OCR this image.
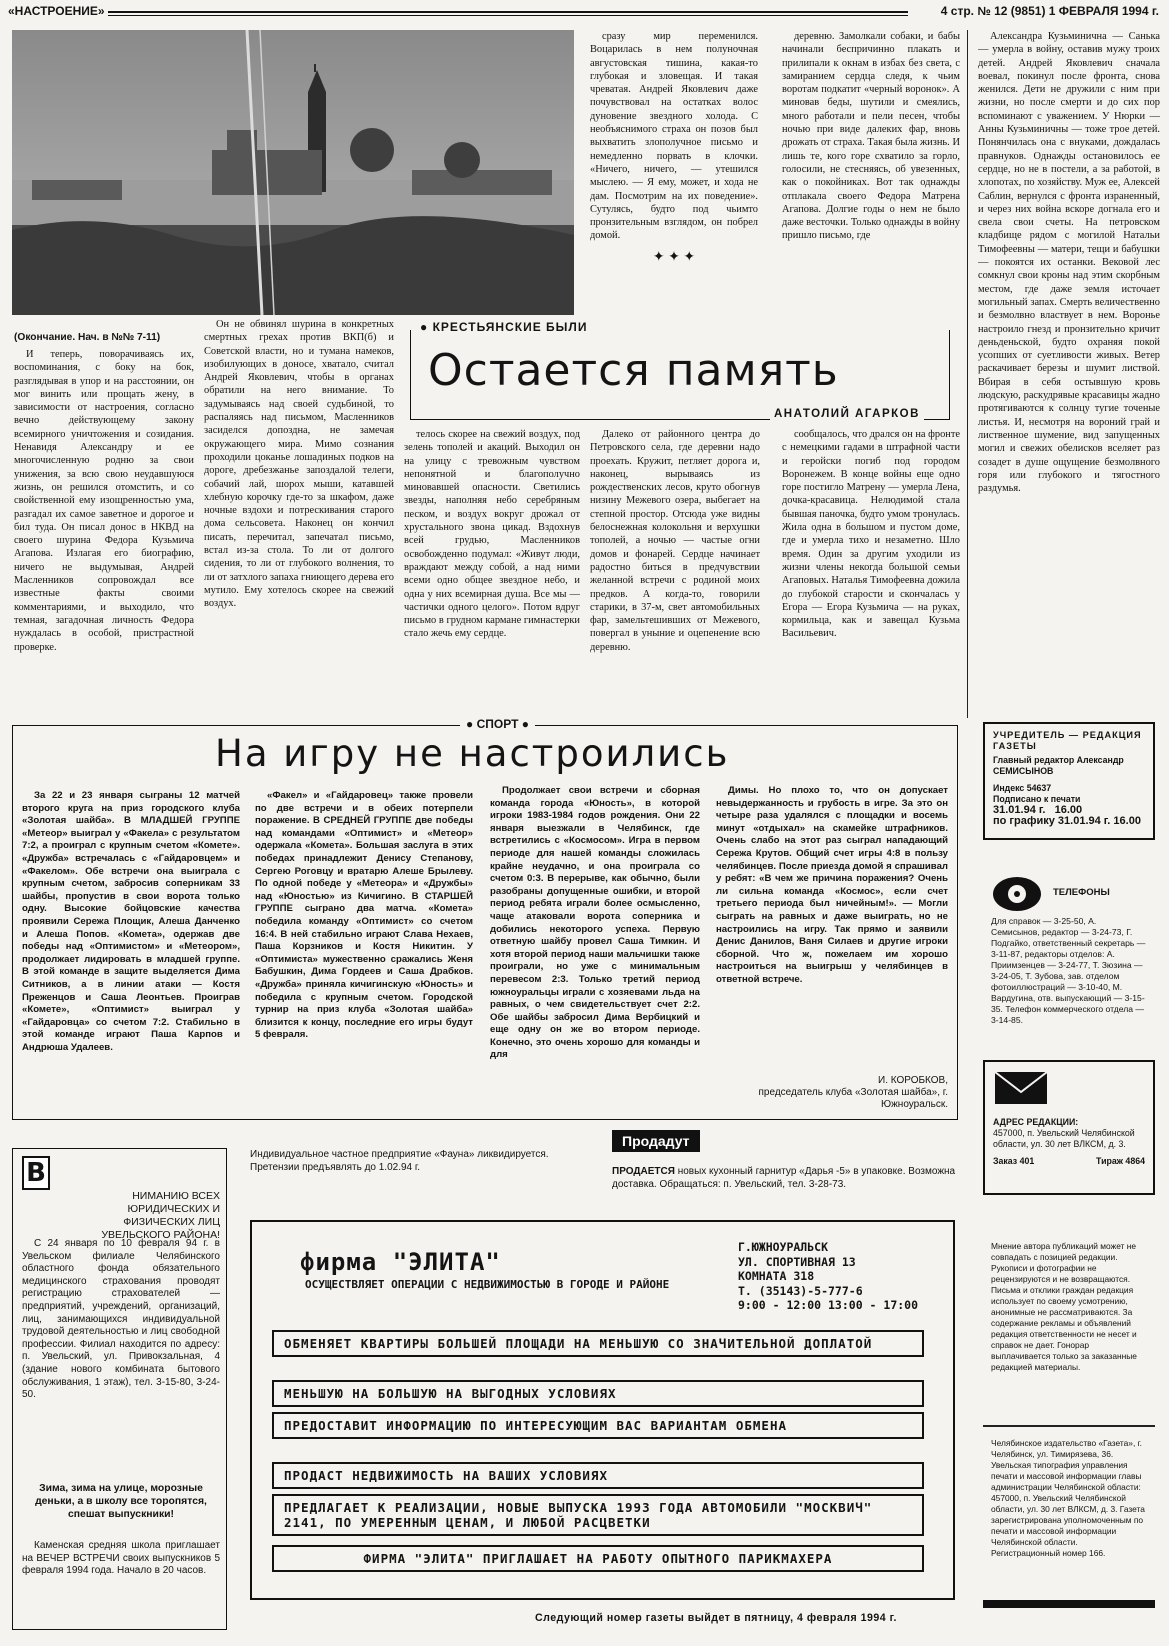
«НАСТРОЕНИЕ»	4 стр. № 12 (9851) 1 ФЕВРАЛЯ 1994 г.

сразу мир переменился. Воцарилась в нем полуночная августовская тишина, какая-то глубокая и зловещая. И такая чреватая. Андрей Яковлевич даже почувствовал на остатках волос дуновение звездного холода. С необъяснимого страха он позов был выхватить злополучное письмо и немедленно порвать в клочки. «Ничего, ничего, — утешился мыслею. — Я ему, может, и хода не дам. Посмотрим на их поведение». Сутулясь, будто под чьимто пронзительным взглядом, он побрел домой.

✦ ✦ ✦

деревню. Замолкали собаки, и бабы начинали беспричинно плакать и прилипали к окнам в избах без света, с замиранием сердца следя, к чьим воротам подкатит «черный воронок». А миновав беды, шутили и смеялись, много работали и пели песен, чтобы ночью при виде далеких фар, вновь дрожать от страха. Такая была жизнь. И лишь те, кого горе схватило за горло, голосили, не стесняясь, об увезенных, как о покойниках. Вот так однажды отплакала своего Федора Матрена Агапова. Долгие годы о нем не было даже весточки. Только однажды в войну пришло письмо, где

● КРЕСТЬЯНСКИЕ БЫЛИ
Остается память
АНАТОЛИЙ АГАРКОВ
(Окончание. Нач. в №№ 7-11)

И теперь, поворачиваясь их, воспоминания, с боку на бок, разглядывая в упор и на расстоянии, он мог винить или прощать жену, в зависимости от настроения, согласно вечно действующему закону всемирного уничтожения и созидания. Ненавидя Александру и ее многочисленную родню за свои унижения, за всю свою неудавшуюся жизнь, он решился отомстить, и со свойственной ему изощренностью ума, разгадал их самое заветное и дорогое и бил туда. Он писал донос в НКВД на своего шурина Федора Кузьмича Агапова. Излагая его биографию, ничего не выдумывая, Андрей Масленников сопровождал все известные факты своими комментариями, и выходило, что темная, загадочная личность Федора нуждалась в особой, пристрастной проверке.

Он не обвинял шурина в конкретных смертных грехах против ВКП(б) и Советской власти, но и тумана намеков, изобилующих в доносе, хватало, считал Андрей Яковлевич, чтобы в органах обратили на него внимание. То задумываясь над своей судьбиной, то распаляясь над письмом, Масленников засиделся допоздна, не замечая окружающего мира. Мимо сознания проходили цоканье лошадиных подков на дороге, дребезжанье запоздалой телеги, собачий лай, шорох мыши, катавшей хлебную корочку где-то за шкафом, даже ночные вздохи и потрескивания старого дома сельсовета. Наконец он кончил писать, перечитал, запечатал письмо, встал из-за стола. То ли от долгого сидения, то ли от глубокого волнения, то ли от затхлого запаха гниющего дерева его мутило. Ему хотелось скорее на свежий воздух.

телось скорее на свежий воздух, под зелень тополей и акаций. Выходил он на улицу с тревожным чувством непонятной и благополучно миновавшей опасности. Светились звезды, наполняя небо серебряным песком, и воздух вокруг дрожал от хрустального звона цикад. Вздохнув всей грудью, Масленников освобожденно подумал: «Живут люди, враждают между собой, а над ними всеми одно общее звездное небо, и одна у них всемирная душа. Все мы — частички одного целого». Потом вдруг письмо в грудном кармане гимнастерки стало жечь ему сердце.

Далеко от районного центра до Петровского села, где деревни надо проехать. Кружит, петляет дорога и, наконец, вырываясь из рождественских лесов, круто обогнув низину Межевого озера, выбегает на степной простор. Отсюда уже видны белоснежная колокольня и верхушки тополей, а ночью — частые огни домов и фонарей. Сердце начинает радостно биться в предчувствии желанной встречи с родиной моих предков. А когда-то, говорили старики, в 37-м, свет автомобильных фар, замельтешивших от Межевого, повергал в уныние и оцепенение всю деревню.

сообщалось, что дрался он на фронте с немецкими гадами в штрафной части и геройски погиб под городом Воронежем. В конце войны еще одно горе постигло Матрену — умерла Лена, дочка-красавица. Нелюдимой стала бывшая паночка, будто умом тронулась. Жила одна в большом и пустом доме, где и умерла тихо и незаметно. Шло время. Один за другим уходили из жизни члены некогда большой семьи Агаповых. Наталья Тимофеевна дожила до глубокой старости и скончалась у Егора — Егора Кузьмича — на руках, кормильца, как и завещал Кузьма Васильевич.

Александра Кузьминична — Санька — умерла в войну, оставив мужу троих детей. Андрей Яковлевич сначала воевал, покинул после фронта, снова женился. Дети не дружили с ним при жизни, но после смерти и до сих пор вспоминают с уважением. У Нюрки — Анны Кузьминичны — тоже трое детей. Понянчилась она с внуками, дождалась правнуков. Однажды остановилось ее сердце, но не в постели, а за работой, в хлопотах, по хозяйству. Муж ее, Алексей Саблин, вернулся с фронта израненный, и через них война вскоре догнала его и свела свои счеты. На петровском кладбище рядом с могилой Натальи Тимофеевны — матери, тещи и бабушки — покоятся их останки. Вековой лес сомкнул свои кроны над этим скорбным местом, где даже земля источает могильный запах. Смерть величественно и безмолвно властвует в нем. Воронье настроило гнезд и пронзительно кричит деньденьской, будто охраняя покой усопших от суетливости живых. Ветер раскачивает березы и шумит листвой. Вбирая в себя остывшую кровь людскую, раскудрявые красавицы жадно протягиваются к солнцу тугие точеные листья. И, несмотря на вороний грай и лиственное шумение, вид запущенных могил и свежих обелисков вселяет раз созадет в душе ощущение безмолвного горя или глубокого и тягостного раздумья.

● СПОРТ ●
На игру не настроились

За 22 и 23 января сыграны 12 матчей второго круга на приз городского клуба «Золотая шайба». В МЛАДШЕЙ ГРУППЕ «Метеор» выиграл у «Факела» с результатом 7:2, а проиграл с крупным счетом «Комете». «Дружба» встречалась с «Гайдаровцем» и «Факелом». Обе встречи она выиграла с крупным счетом, забросив соперникам 33 шайбы, пропустив в свои ворота только одну. Высокие бойцовские качества проявили Сережа Площик, Алеша Данченко и Алеша Попов. «Комета», одержав две победы над «Оптимистом» и «Метеором», продолжает лидировать в младшей группе. В этой команде в защите выделяется Дима Ситников, а в линии атаки — Костя Преженцов и Саша Леонтьев. Проиграв «Комете», «Оптимист» выиграл у «Гайдаровца» со счетом 7:2. Стабильно в этой команде играют Паша Карпов и Андрюша Удалеев.

«Факел» и «Гайдаровец» также провели по две встречи и в обеих потерпели поражение. В СРЕДНЕЙ ГРУППЕ две победы над командами «Оптимист» и «Метеор» одержала «Комета». Большая заслуга в этих победах принадлежит Денису Степанову, Сергею Роговцу и вратарю Алеше Брылеву. По одной победе у «Метеора» и «Дружбы» над «Юностью» из Кичигино. В СТАРШЕЙ ГРУППЕ сыграно два матча. «Комета» победила команду «Оптимист» со счетом 16:4. В ней стабильно играют Слава Нехаев, Паша Корзников и Костя Никитин. У «Оптимиста» мужественно сражались Женя Бабушкин, Дима Гордеев и Саша Драбков. «Дружба» приняла кичигинскую «Юность» и победила с крупным счетом. Городской турнир на приз клуба «Золотая шайба» близится к концу, последние его игры будут 5 февраля.

Продолжает свои встречи и сборная команда города «Юность», в которой игроки 1983-1984 годов рождения. Они 22 января выезжали в Челябинск, где встретились с «Космосом». Игра в первом периоде для нашей команды сложилась крайне неудачно, и она проиграла со счетом 0:3. В перерыве, как обычно, были разобраны допущенные ошибки, и второй период ребята играли более осмысленно, чаще атаковали ворота соперника и добились некоторого успеха. Первую ответную шайбу провел Саша Тимкин. И хотя второй период наши мальчишки также проиграли, но уже с минимальным перевесом 2:3. Только третий период южноуральцы играли с хозяевами льда на равных, о чем свидетельствует счет 2:2. Обе шайбы забросил Дима Вербицкий и еще одну он же во втором периоде. Конечно, это очень хорошо для команды и для

Димы. Но плохо то, что он допускает невыдержанность и грубость в игре. За это он четыре раза удалялся с площадки и восемь минут «отдыхал» на скамейке штрафников. Очень слабо на этот раз сыграл нападающий Сережа Крутов. Общий счет игры 4:8 в пользу челябинцев. После приезда домой я спрашивал у ребят: «В чем же причина поражения? Очень ли сильна команда «Космос», если счет третьего периода был ничейным!». — Могли сыграть на равных и даже выиграть, но не настроились на игру. Так прямо и заявили Денис Данилов, Ваня Силаев и другие игроки сборной. Что ж, пожелаем им хорошо настроиться на выигрыш у челябинцев в ответной встрече.

И. КОРОБКОВ,
председатель клуба «Золотая шайба», г. Южноуральск.
УЧРЕДИТЕЛЬ — РЕДАКЦИЯ ГАЗЕТЫ
Главный редактор Александр СЕМИСЫНОВ
Индекс 54637
Подписано к печати
31.01.94 г. 16.00
по графику 31.01.94 г. 16.00
ТЕЛЕФОНЫ
Для справок — 3-25-50, А. Семисынов, редактор — 3-24-73, Г. Подгайко, ответственный секретарь — 3-11-87, редакторы отделов: А. Приимзенцев — 3-24-77, Т. Зюзина — 3-24-05, Т. Зубова, зав. отделом фотоиллюстраций — 3-10-40, М. Вардугина, отв. выпускающий — 3-15-35. Телефон коммерческого отдела — 3-14-85.
АДРЕС РЕДАКЦИИ:
457000, п. Увельский Челябинской области, ул. 30 лет ВЛКСМ, д. 3.
Заказ 401	Тираж 4864
Мнение автора публикаций может не совпадать с позицией редакции. Рукописи и фотографии не рецензируются и не возвращаются. Письма и отклики граждан редакция использует по своему усмотрению, анонимные не рассматриваются. За содержание рекламы и объявлений редакция ответственности не несет и справок не дает. Гонорар выплачивается только за заказанные редакцией материалы.
Челябинское издательство «Газета», г. Челябинск, ул. Тимирязева, 36. Увельская типография управления печати и массовой информации главы администрации Челябинской области: 457000, п. Увельский Челябинской области, ул. 30 лет ВЛКСМ, д. 3. Газета зарегистрирована уполномоченным по печати и массовой информации Челябинской области. Регистрационный номер 166.
В
НИМАНИЮ ВСЕХ ЮРИДИЧЕСКИХ И ФИЗИЧЕСКИХ ЛИЦ УВЕЛЬСКОГО РАЙОНА!

С 24 января по 10 февраля 94 г. в Увельском филиале Челябинского областного фонда обязательного медицинского страхования проводят регистрацию страхователей — предприятий, учреждений, организаций, лиц, занимающихся индивидуальной трудовой деятельностью и лиц свободной профессии. Филиал находится по адресу: п. Увельский, ул. Привокзальная, 4 (здание нового комбината бытового обслуживания, 1 этаж), тел. 3-15-80, 3-24-50.

Зима, зима на улице, морозные деньки, а в школу все торопятся, спешат выпускники!

Каменская средняя школа приглашает на ВЕЧЕР ВСТРЕЧИ своих выпускников 5 февраля 1994 года. Начало в 20 часов.

Индивидуальное частное предприятие «Фауна» ликвидируется. Претензии предъявлять до 1.02.94 г.
Продадут
ПРОДАЕТСЯ новых кухонный гарнитур «Дарья -5» в упаковке. Возможна доставка. Обращаться: п. Увельский, тел. 3-28-73.
фирма "ЭЛИТА"
ОСУЩЕСТВЛЯЕТ ОПЕРАЦИИ С НЕДВИЖИМОСТЬЮ В ГОРОДЕ И РАЙОНЕ
Г.ЮЖНОУРАЛЬСК
УЛ. СПОРТИВНАЯ 13
КОМНАТА 318
Т. (35143)-5-777-6
9:00 - 12:00 13:00 - 17:00
ОБМЕНЯЕТ КВАРТИРЫ БОЛЬШЕЙ ПЛОЩАДИ НА МЕНЬШУЮ СО ЗНАЧИТЕЛЬНОЙ ДОПЛАТОЙ
МЕНЬШУЮ НА БОЛЬШУЮ НА ВЫГОДНЫХ УСЛОВИЯХ
ПРЕДОСТАВИТ ИНФОРМАЦИЮ ПО ИНТЕРЕСУЮЩИМ ВАС ВАРИАНТАМ ОБМЕНА
ПРОДАСТ НЕДВИЖИМОСТЬ НА ВАШИХ УСЛОВИЯХ
ПРЕДЛАГАЕТ К РЕАЛИЗАЦИИ, НОВЫЕ ВЫПУСКА 1993 ГОДА АВТОМОБИЛИ "МОСКВИЧ" 2141, ПО УМЕРЕННЫМ ЦЕНАМ, И ЛЮБОЙ РАСЦВЕТКИ
ФИРМА "ЭЛИТА" ПРИГЛАШАЕТ НА РАБОТУ ОПЫТНОГО ПАРИКМАХЕРА
Следующий номер газеты выйдет в пятницу, 4 февраля 1994 г.
